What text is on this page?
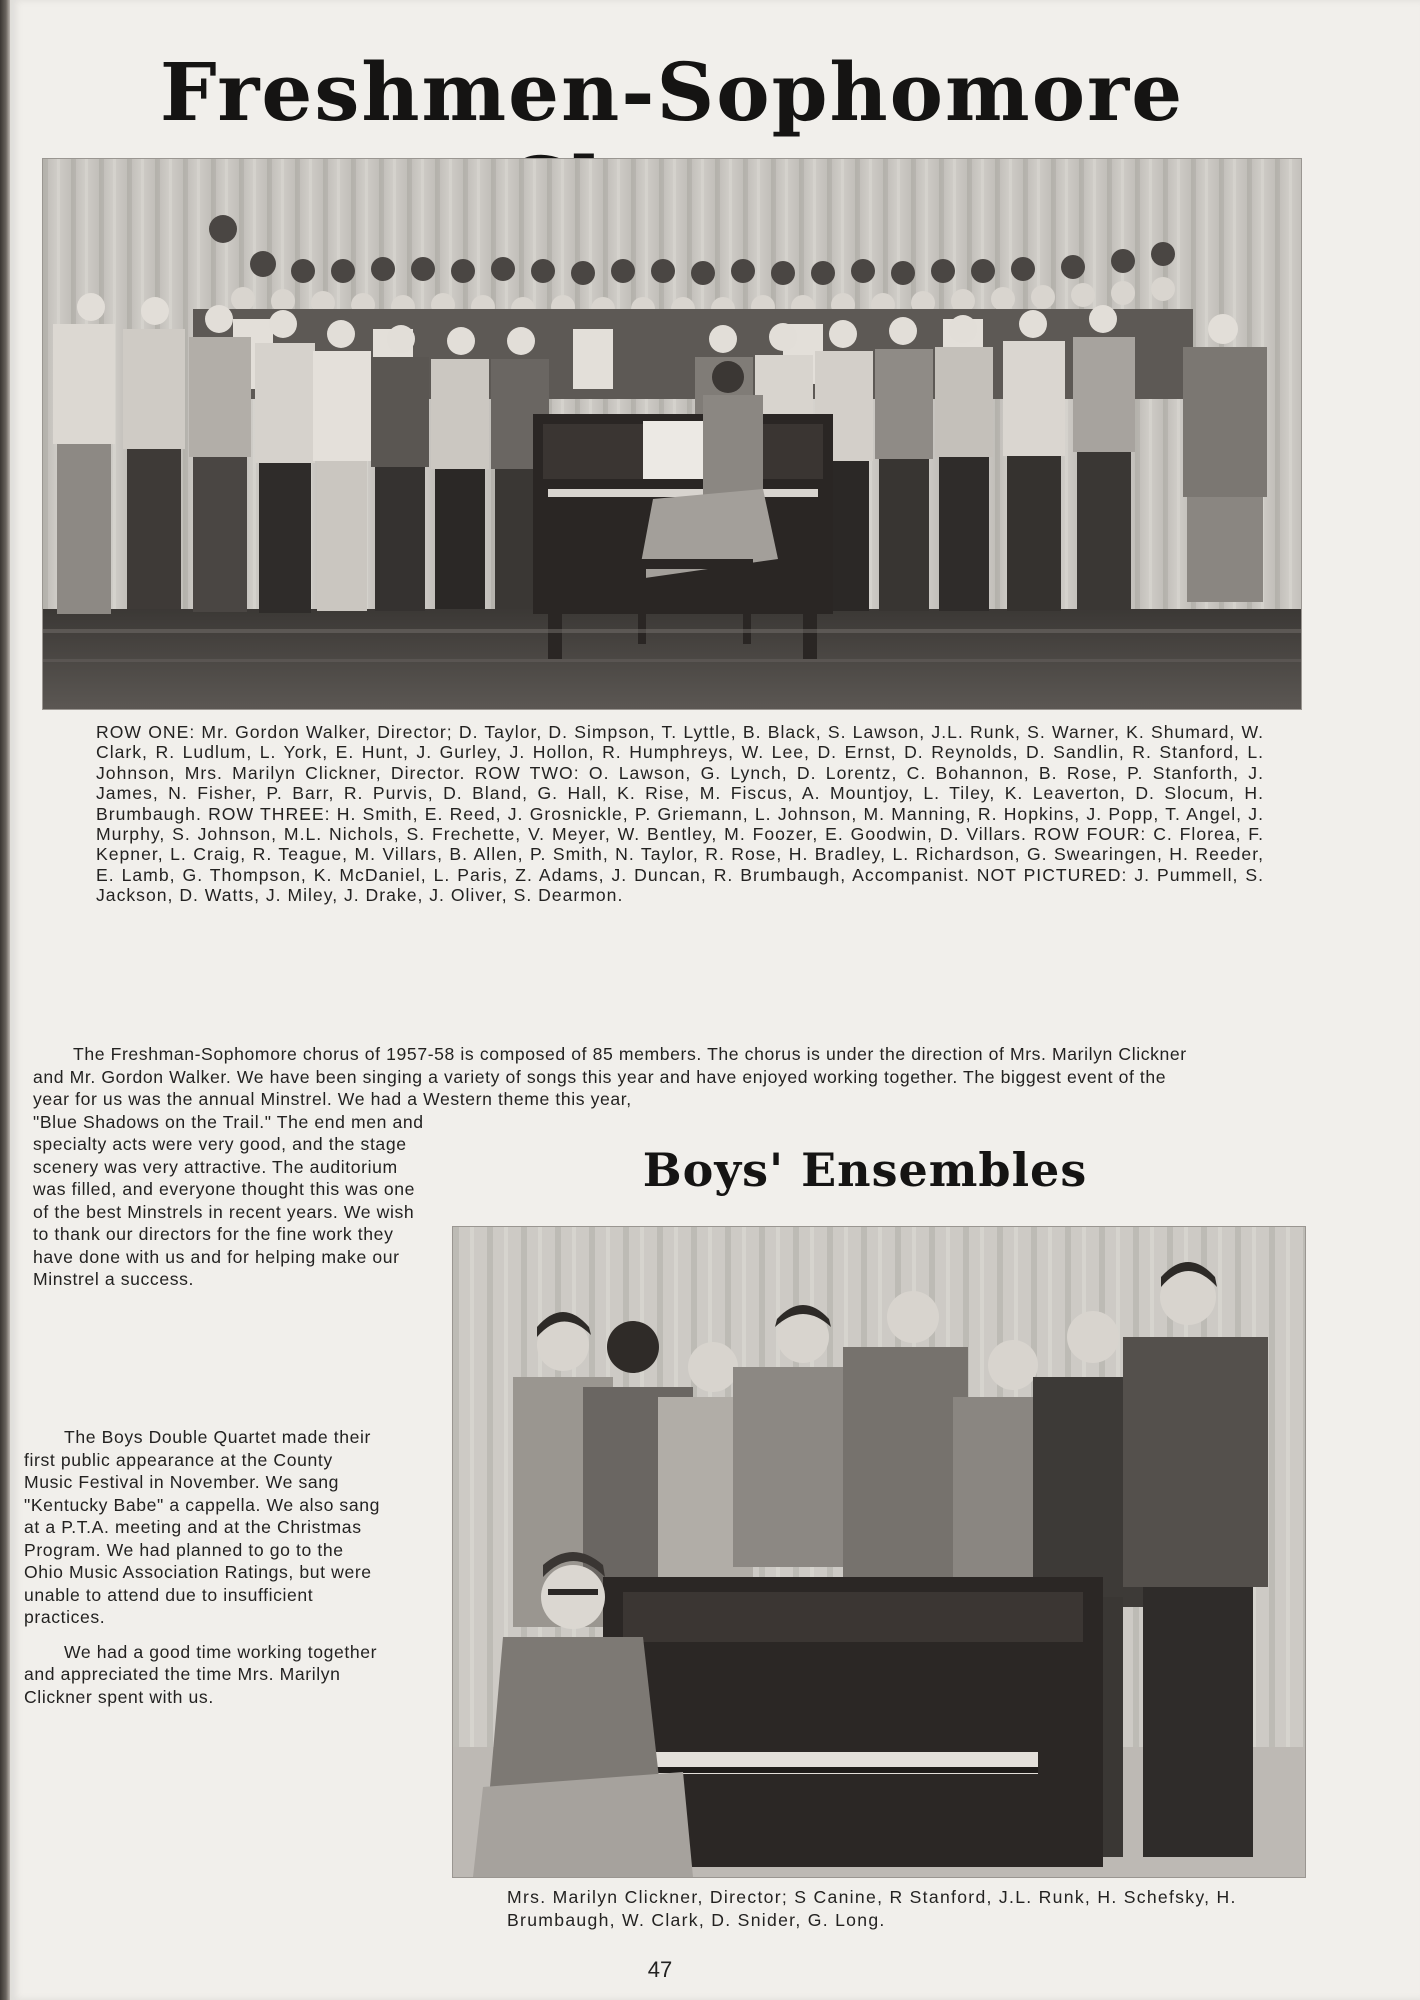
Freshmen-Sophomore

ROW ONE: Mr. Gordon Walker, Director; D. Taylor, D. Simpson, T. Lyttle, B. Black, S. Lawson, J.L. Runk, S. Warner, K. Shumard, W. Clark, R. Ludlum, L. York, E. Hunt, J. Gurley, J. Hollon, R. Humphreys, W. Lee, D. Ernst, D. Reynolds, D. Sandlin, R. Stanford, L. Johnson, Mrs. Marilyn Clickner, Director. ROW TWO: O. Lawson, G. Lynch, D. Lorentz, C. Bohannon, B. Rose, P. Stanforth, J. James, N. Fisher, P. Barr, R. Purvis, D. Bland, G. Hall, K. Rise, M. Fiscus, A. Mountjoy, L. Tiley, K. Leaverton, D. Slocum, H. Brumbaugh. ROW THREE: H. Smith, E. Reed, J. Grosnickle, P. Griemann, L. Johnson, M. Manning, R. Hopkins, J. Popp, T. Angel, J. Murphy, S. Johnson, M.L. Nichols, S. Frechette, V. Meyer, W. Bentley, M. Foozer, E. Goodwin, D. Villars. ROW FOUR: C. Florea, F. Kepner, L. Craig, R. Teague, M. Villars, B. Allen, P. Smith, N. Taylor, R. Rose, H. Bradley, L. Richardson, G. Swearingen, H. Reeder, E. Lamb, G. Thompson, K. McDaniel, L. Paris, Z. Adams, J. Duncan, R. Brumbaugh, Accompanist. NOT PICTURED: J. Pummell, S. Jackson, D. Watts, J. Miley, J. Drake, J. Oliver, S. Dearmon.

The Freshman-Sophomore chorus of 1957-58 is composed of 85 members. The chorus is under the direction of Mrs. Marilyn Clickner and Mr. Gordon Walker. We have been singing a variety of songs this year and have enjoyed working together. The biggest event of the year for us was the annual Minstrel. We had a Western theme this year,
"Blue Shadows on the Trail." The end men and specialty acts were very good, and the stage scenery was very attractive. The auditorium was filled, and everyone thought this was one of the best Minstrels in recent years. We wish to thank our directors for the fine work they have done with us and for helping make our Minstrel a success.
Boys' Ensembles

The Boys Double Quartet made their first public appearance at the County Music Festival in November. We sang "Kentucky Babe" a cappella. We also sang at a P.T.A. meeting and at the Christmas Program. We had planned to go to the Ohio Music Association Ratings, but were unable to attend due to insufficient practices.

We had a good time working together and appreciated the time Mrs. Marilyn Clickner spent with us.

Mrs. Marilyn Clickner, Director; S Canine, R Stanford, J.L. Runk, H. Schefsky, H. Brumbaugh, W. Clark, D. Snider, G. Long.

47
